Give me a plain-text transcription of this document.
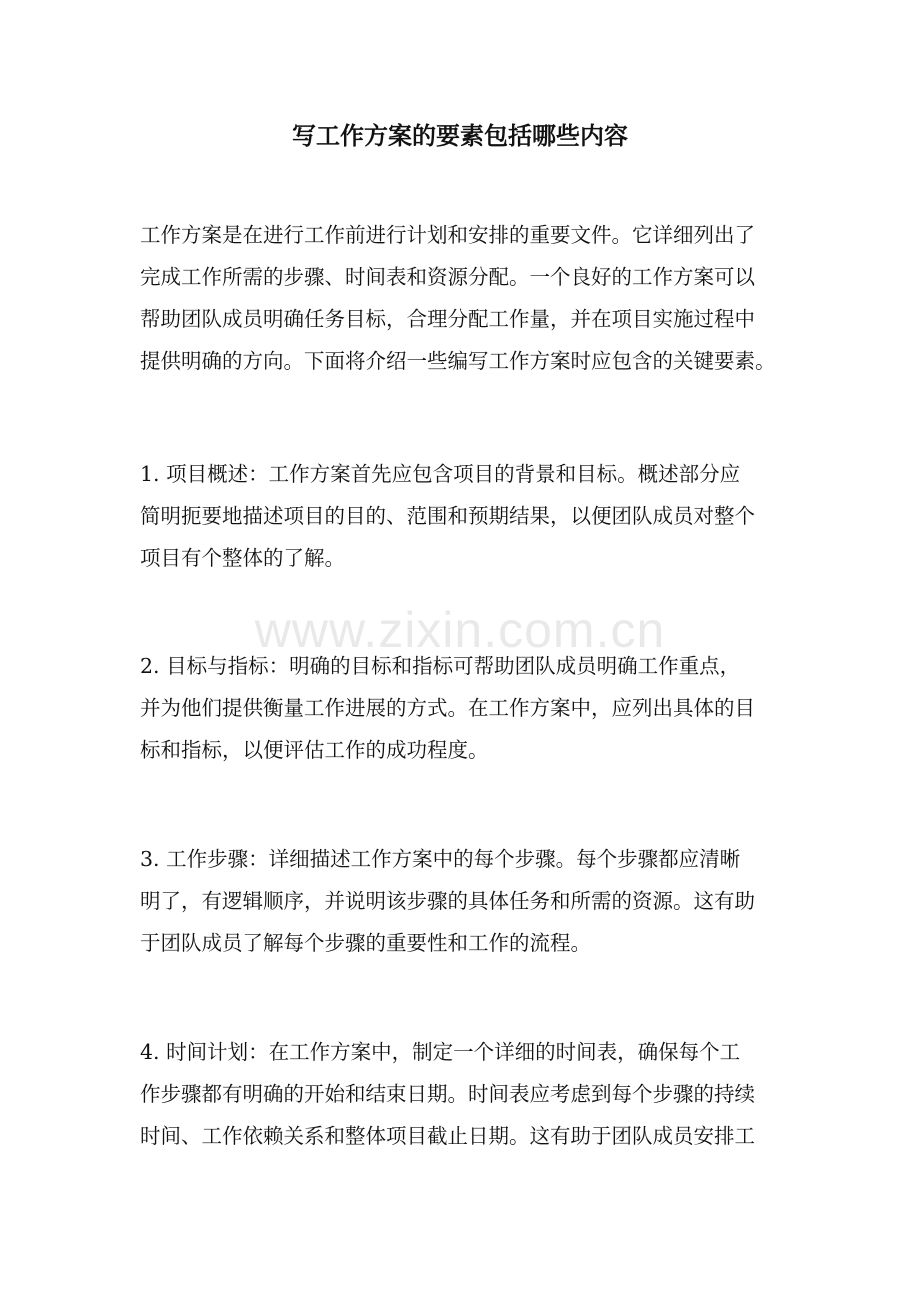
写工作方案的要素包括哪些内容

工作方案是在进行工作前进行计划和安排的重要文件。它详细列出了
完成工作所需的步骤、时间表和资源分配。一个良好的工作方案可以
帮助团队成员明确任务目标，合理分配工作量，并在项目实施过程中
提供明确的方向。下面将介绍一些编写工作方案时应包含的关键要素。

1. 项目概述：工作方案首先应包含项目的背景和目标。概述部分应
简明扼要地描述项目的目的、范围和预期结果，以便团队成员对整个
项目有个整体的了解。

2. 目标与指标：明确的目标和指标可帮助团队成员明确工作重点，
并为他们提供衡量工作进展的方式。在工作方案中，应列出具体的目
标和指标，以便评估工作的成功程度。

3. 工作步骤：详细描述工作方案中的每个步骤。每个步骤都应清晰
明了，有逻辑顺序，并说明该步骤的具体任务和所需的资源。这有助
于团队成员了解每个步骤的重要性和工作的流程。

4. 时间计划：在工作方案中，制定一个详细的时间表，确保每个工
作步骤都有明确的开始和结束日期。时间表应考虑到每个步骤的持续
时间、工作依赖关系和整体项目截止日期。这有助于团队成员安排工

www.zixin.com.cn
